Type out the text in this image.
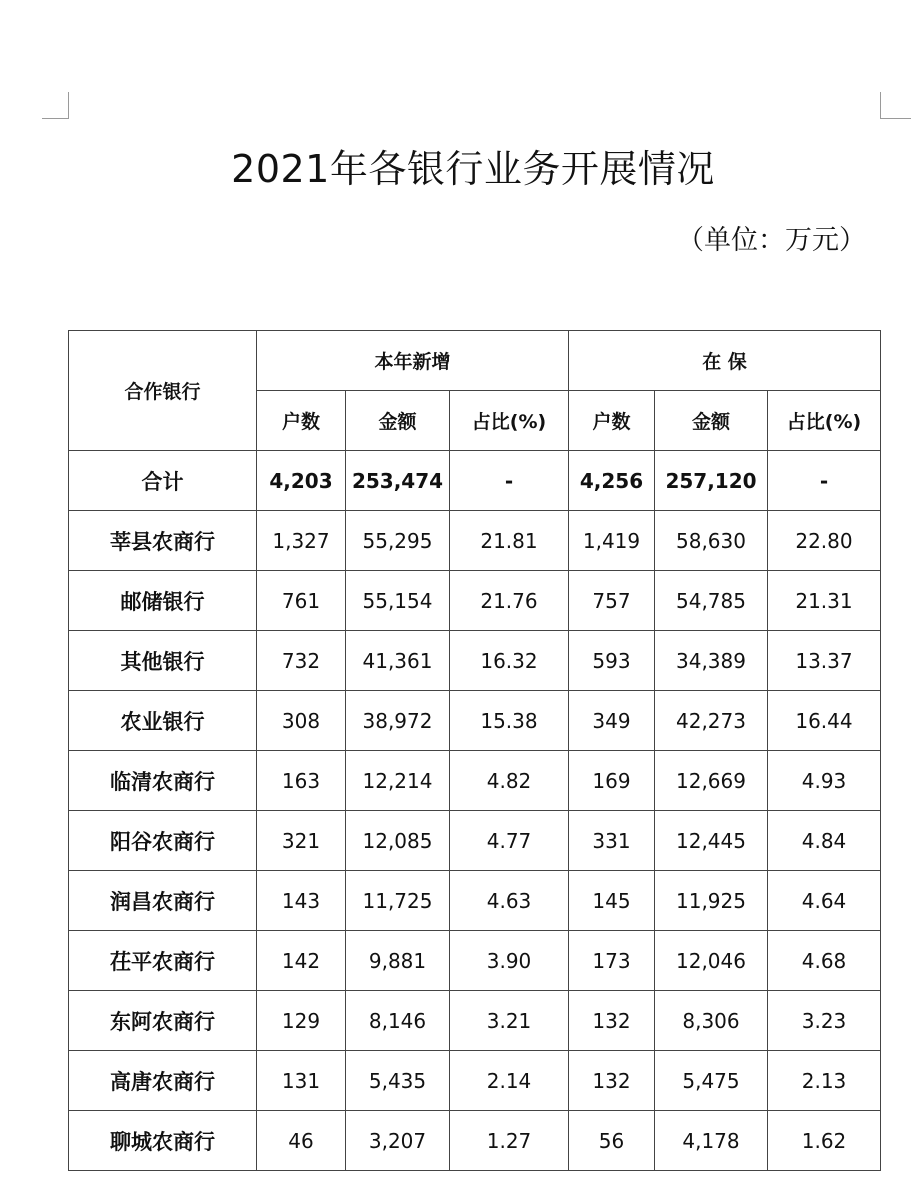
2021年各银行业务开展情况
（单位：万元）
合作银行	本年新增			在 保		
	户数	金额	占比(%)	户数	金额	占比(%)
合计	4,203	253,474	-	4,256	257,120	-
莘县农商行	1,327	55,295	21.81	1,419	58,630	22.80
邮储银行	761	55,154	21.76	757	54,785	21.31
其他银行	732	41,361	16.32	593	34,389	13.37
农业银行	308	38,972	15.38	349	42,273	16.44
临清农商行	163	12,214	4.82	169	12,669	4.93
阳谷农商行	321	12,085	4.77	331	12,445	4.84
润昌农商行	143	11,725	4.63	145	11,925	4.64
茌平农商行	142	9,881	3.90	173	12,046	4.68
东阿农商行	129	8,146	3.21	132	8,306	3.23
高唐农商行	131	5,435	2.14	132	5,475	2.13
聊城农商行	46	3,207	1.27	56	4,178	1.62
